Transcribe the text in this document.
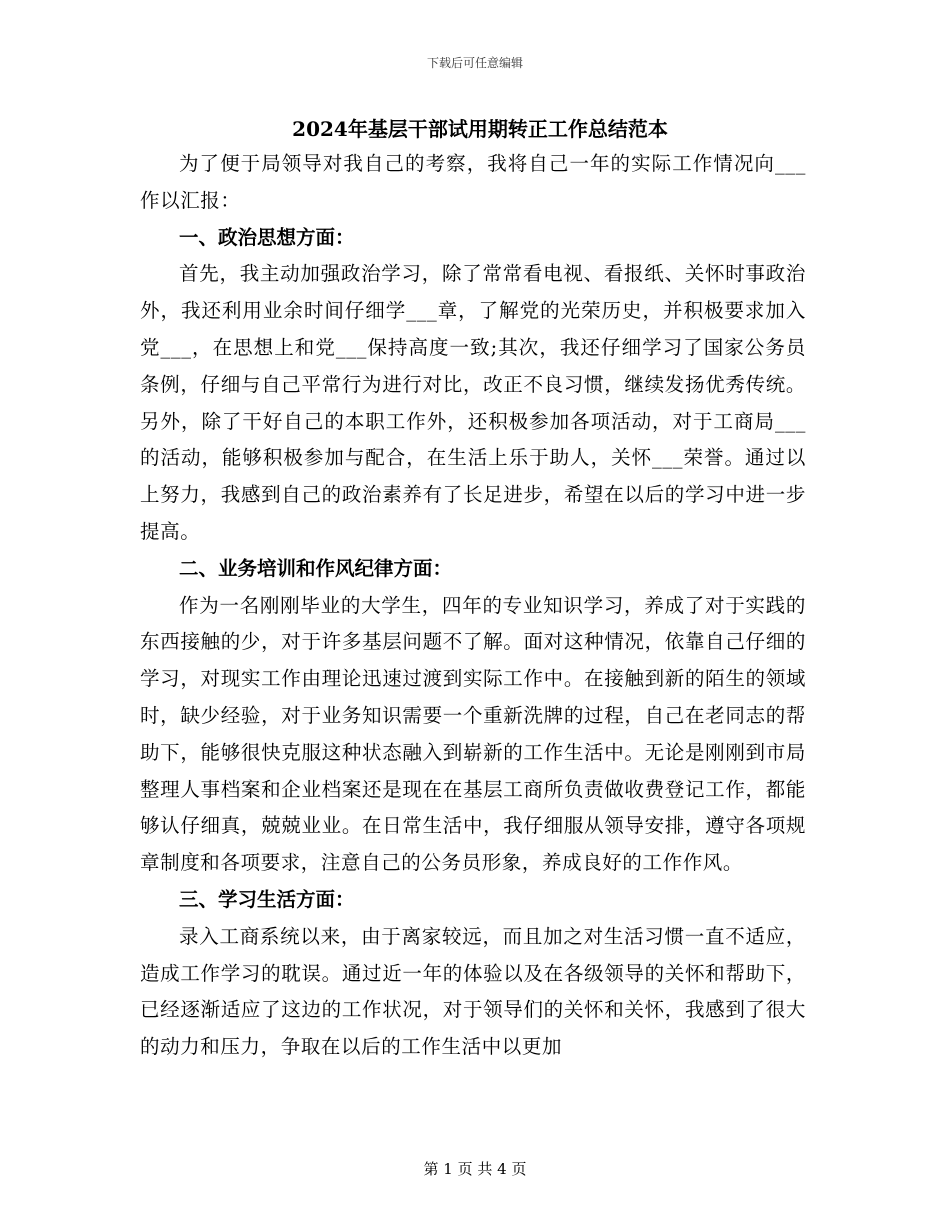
下载后可任意编辑
2024年基层干部试用期转正工作总结范本

为了便于局领导对我自己的考察，我将自己一年的实际工作情况向___作以汇报：

一、政治思想方面：

首先，我主动加强政治学习，除了常常看电视、看报纸、关怀时事政治外，我还利用业余时间仔细学___章，了解党的光荣历史，并积极要求加入党___，在思想上和党___保持高度一致;其次，我还仔细学习了国家公务员条例，仔细与自己平常行为进行对比，改正不良习惯，继续发扬优秀传统。另外，除了干好自己的本职工作外，还积极参加各项活动，对于工商局___的活动，能够积极参加与配合，在生活上乐于助人，关怀___荣誉。通过以上努力，我感到自己的政治素养有了长足进步，希望在以后的学习中进一步提高。

二、业务培训和作风纪律方面：

作为一名刚刚毕业的大学生，四年的专业知识学习，养成了对于实践的东西接触的少，对于许多基层问题不了解。面对这种情况，依靠自己仔细的学习，对现实工作由理论迅速过渡到实际工作中。在接触到新的陌生的领域时，缺少经验，对于业务知识需要一个重新洗牌的过程，自己在老同志的帮助下，能够很快克服这种状态融入到崭新的工作生活中。无论是刚刚到市局整理人事档案和企业档案还是现在在基层工商所负责做收费登记工作，都能够认仔细真，兢兢业业。在日常生活中，我仔细服从领导安排，遵守各项规章制度和各项要求，注意自己的公务员形象，养成良好的工作作风。

三、学习生活方面：

录入工商系统以来，由于离家较远，而且加之对生活习惯一直不适应，造成工作学习的耽误。通过近一年的体验以及在各级领导的关怀和帮助下，已经逐渐适应了这边的工作状况，对于领导们的关怀和关怀，我感到了很大的动力和压力，争取在以后的工作生活中以更加

第 1 页 共 4 页
